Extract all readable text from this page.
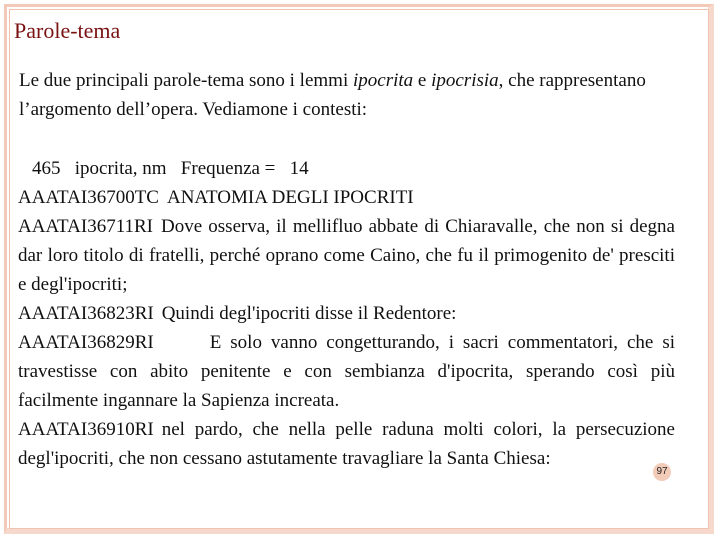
Parole-tema

Le due principali parole-tema sono i lemmi ipocrita e ipocrisia, che rappresentano l’argomento dell’opera. Vediamone i contesti:

465   ipocrita, nm   Frequenza =   14
AAATAI36700TC ANATOMIA DEGLI IPOCRITI
AAATAI36711RI Dove osserva, il mellifluo abbate di Chiaravalle, che non si degna dar loro titolo di fratelli, perché oprano come Caino, che fu il primogenito de' presciti e degl'ipocriti;
AAATAI36823RI Quindi degl'ipocriti disse il Redentore:
AAATAI36829RI	E solo vanno congetturando, i sacri commentatori, che si travestisse con abito penitente e con sembianza d'ipocrita, sperando così più facilmente ingannare la Sapienza increata.
AAATAI36910RI nel pardo, che nella pelle raduna molti colori, la persecuzione degl'ipocriti, che non cessano astutamente travagliare la Santa Chiesa:
97
